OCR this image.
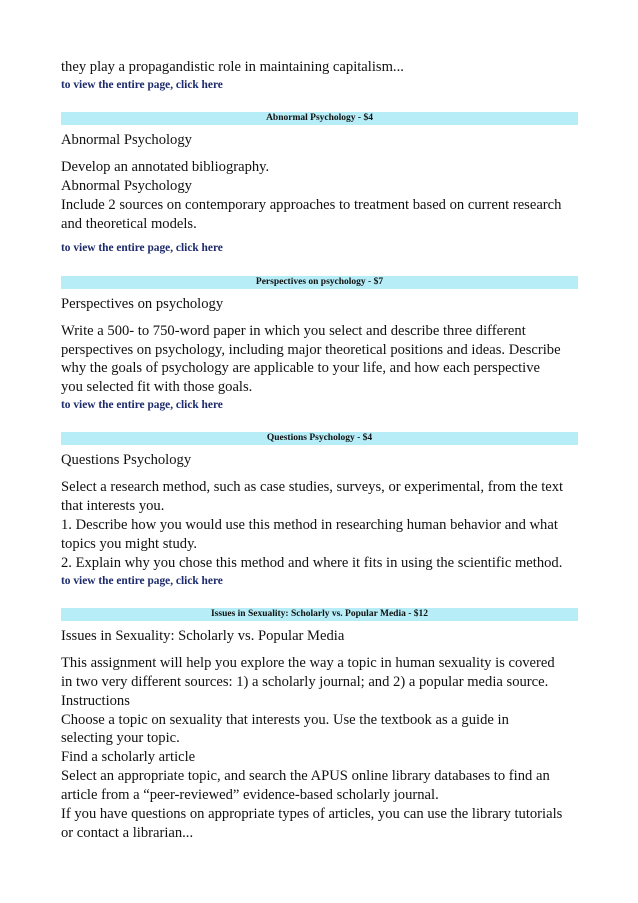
they play a propagandistic role in maintaining capitalism...

to view the entire page, click here
Abnormal Psychology - $4

Abnormal Psychology

Develop an annotated bibliography.

Abnormal Psychology

Include 2 sources on contemporary approaches to treatment based on current research

and theoretical models.

to view the entire page, click here
Perspectives on psychology - $7

Perspectives on psychology

Write a 500- to 750-word paper in which you select and describe three different

perspectives on psychology, including major theoretical positions and ideas. Describe

why the goals of psychology are applicable to your life, and how each perspective

you selected fit with those goals.

to view the entire page, click here
Questions Psychology - $4

Questions Psychology

Select a research method, such as case studies, surveys, or experimental, from the text

that interests you.

1. Describe how you would use this method in researching human behavior and what

topics you might study.

2. Explain why you chose this method and where it fits in using the scientific method.

to view the entire page, click here
Issues in Sexuality: Scholarly vs. Popular Media - $12

Issues in Sexuality: Scholarly vs. Popular Media

This assignment will help you explore the way a topic in human sexuality is covered

in two very different sources: 1) a scholarly journal; and 2) a popular media source.

Instructions

Choose a topic on sexuality that interests you. Use the textbook as a guide in

selecting your topic.

Find a scholarly article

Select an appropriate topic, and search the APUS online library databases to find an

article from a “peer-reviewed” evidence-based scholarly journal.

If you have questions on appropriate types of articles, you can use the library tutorials

or contact a librarian...
